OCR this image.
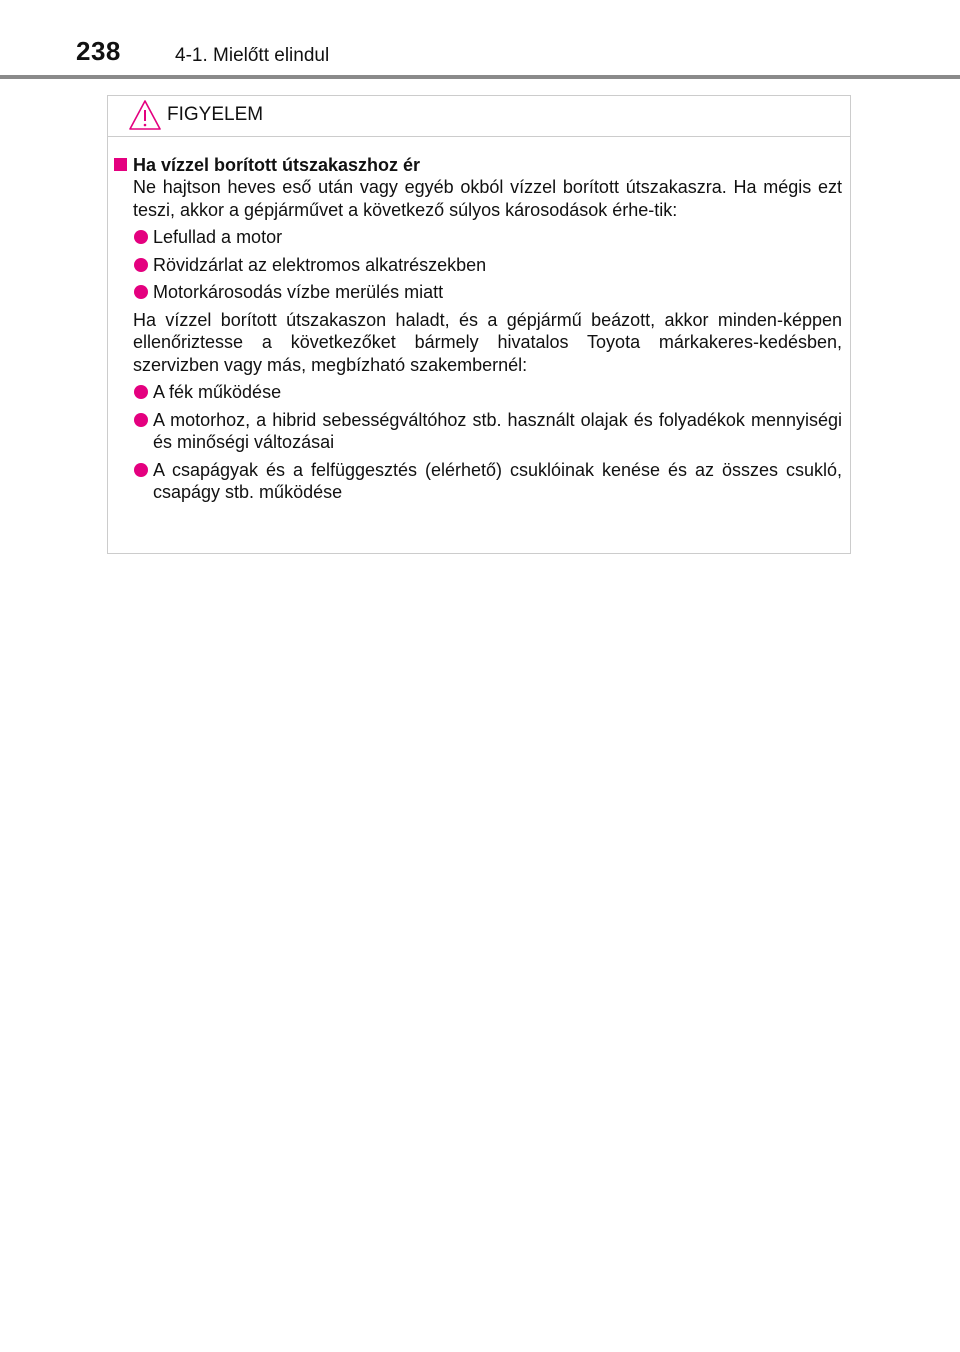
238	4-1. Mielőtt elindul
FIGYELEM
Ha vízzel borított útszakaszhoz ér

Ne hajtson heves eső után vagy egyéb okból vízzel borított útszakaszra. Ha mégis ezt teszi, akkor a gépjárművet a következő súlyos károsodások érhe-tik:

Lefullad a motor
Rövidzárlat az elektromos alkatrészekben
Motorkárosodás vízbe merülés miatt

Ha vízzel borított útszakaszon haladt, és a gépjármű beázott, akkor minden-képpen ellenőriztesse a következőket bármely hivatalos Toyota márkakeres-kedésben, szervizben vagy más, megbízható szakembernél:

A fék működése
A motorhoz, a hibrid sebességváltóhoz stb. használt olajak és folyadékok mennyiségi és minőségi változásai
A csapágyak és a felfüggesztés (elérhető) csuklóinak kenése és az összes csukló, csapágy stb. működése
